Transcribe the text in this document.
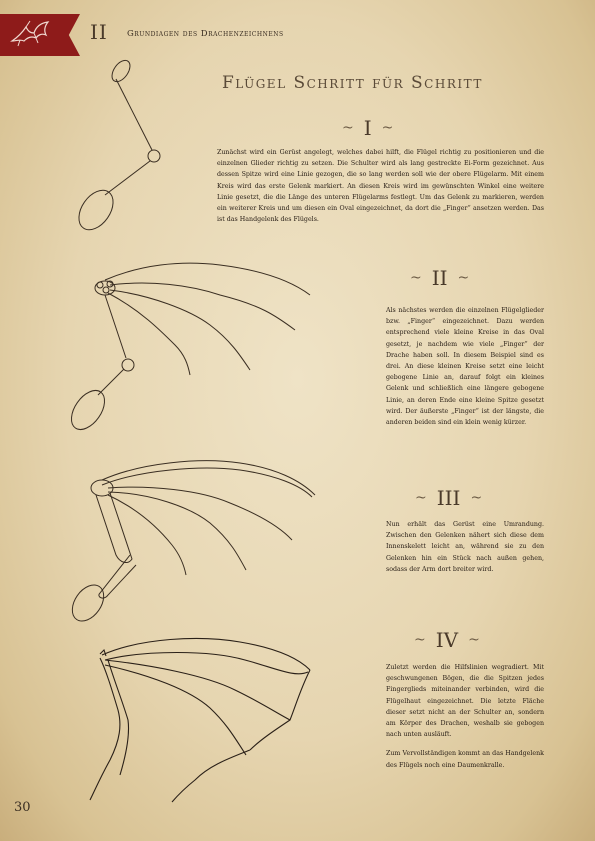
II Grundiagen des Drachenzeichnens
Flügel Schritt für Schritt
~ I ~

Zunächst wird ein Gerüst angelegt, welches dabei hilft, die Flügel richtig zu positionieren und die einzelnen Glieder richtig zu setzen. Die Schulter wird als lang gestreckte Ei-Form gezeichnet. Aus dessen Spitze wird eine Linie gezogen, die so lang werden soll wie der obere Flügelarm. Mit einem Kreis wird das erste Gelenk markiert. An diesen Kreis wird im gewünschten Winkel eine weitere Linie gesetzt, die die Länge des unteren Flügelarms festlegt. Um das Gelenk zu markieren, werden ein weiterer Kreis und um diesen ein Oval eingezeichnet, da dort die „Finger“ ansetzen werden. Das ist das Handgelenk des Flügels.

~ II ~

Als nächstes werden die einzelnen Flügelglieder bzw. „Finger“ eingezeichnet. Dazu werden entsprechend viele kleine Kreise in das Oval gesetzt, je nachdem wie viele „Finger“ der Drache haben soll. In diesem Beispiel sind es drei. An diese kleinen Kreise setzt eine leicht gebogene Linie an, darauf folgt ein kleines Gelenk und schließlich eine längere gebogene Linie, an deren Ende eine kleine Spitze gesetzt wird. Der äußerste „Finger“ ist der längste, die anderen beiden sind ein klein wenig kürzer.

~ III ~

Nun erhält das Gerüst eine Umrandung. Zwischen den Gelenken nähert sich diese dem Innenskelett leicht an, während sie zu den Gelenken hin ein Stück nach außen gehen, sodass der Arm dort breiter wird.

~ IV ~

Zuletzt werden die Hilfslinien wegradiert. Mit geschwungenen Bögen, die die Spitzen jedes Fingerglieds miteinander verbinden, wird die Flügelhaut eingezeichnet. Die letzte Fläche dieser setzt nicht an der Schulter an, sondern am Körper des Drachen, weshalb sie gebogen nach unten ausläuft.

Zum Vervollständigen kommt an das Handgelenk des Flügels noch eine Daumenkralle.

30
